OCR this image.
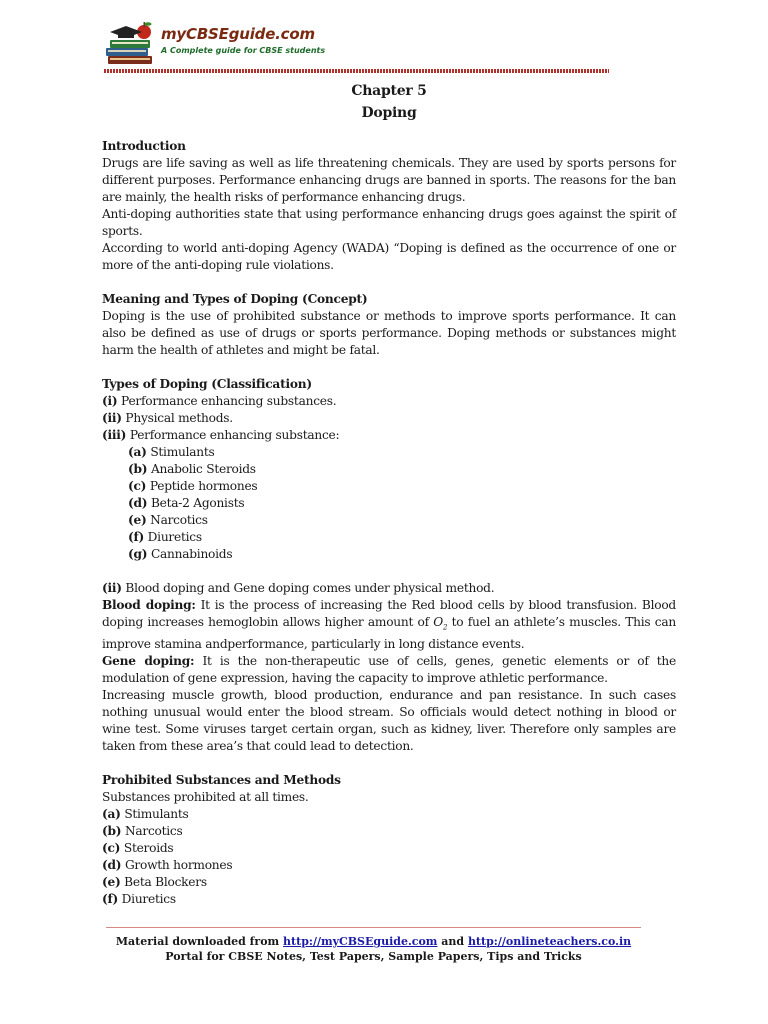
myCBSEguide.com
A Complete guide for CBSE students
Chapter 5
Doping
Introduction

Drugs are life saving as well as life threatening chemicals. They are used by sports persons for different purposes. Performance enhancing drugs are banned in sports. The reasons for the ban are mainly, the health risks of performance enhancing drugs.

Anti-doping authorities state that using performance enhancing drugs goes against the spirit of sports.

According to world anti-doping Agency (WADA) “Doping is defined as the occurrence of one or more of the anti-doping rule violations.

Meaning and Types of Doping (Concept)

Doping is the use of prohibited substance or methods to improve sports performance. It can also be defined as use of drugs or sports performance. Doping methods or substances might harm the health of athletes and might be fatal.

Types of Doping (Classification)
(i) Performance enhancing substances.
(ii) Physical methods.
(iii) Performance enhancing substance:
(a) Stimulants
(b) Anabolic Steroids
(c) Peptide hormones
(d) Beta-2 Agonists
(e) Narcotics
(f) Diuretics
(g) Cannabinoids

(ii) Blood doping and Gene doping comes under physical method.

Blood doping: It is the process of increasing the Red blood cells by blood transfusion. Blood doping increases hemoglobin allows higher amount of $O_2$ to fuel an athlete’s muscles. This can improve stamina andperformance, particularly in long distance events.

Gene doping: It is the non-therapeutic use of cells, genes, genetic elements or of the modulation of gene expression, having the capacity to improve athletic performance.

Increasing muscle growth, blood production, endurance and pan resistance. In such cases nothing unusual would enter the blood stream. So officials would detect nothing in blood or wine test. Some viruses target certain organ, such as kidney, liver. Therefore only samples are taken from these area’s that could lead to detection.

Prohibited Substances and Methods
Substances prohibited at all times.
(a) Stimulants
(b) Narcotics
(c) Steroids
(d) Growth hormones
(e) Beta Blockers
(f) Diuretics
Material downloaded from http://myCBSEguide.com and http://onlineteachers.co.in
Portal for CBSE Notes, Test Papers, Sample Papers, Tips and Tricks
